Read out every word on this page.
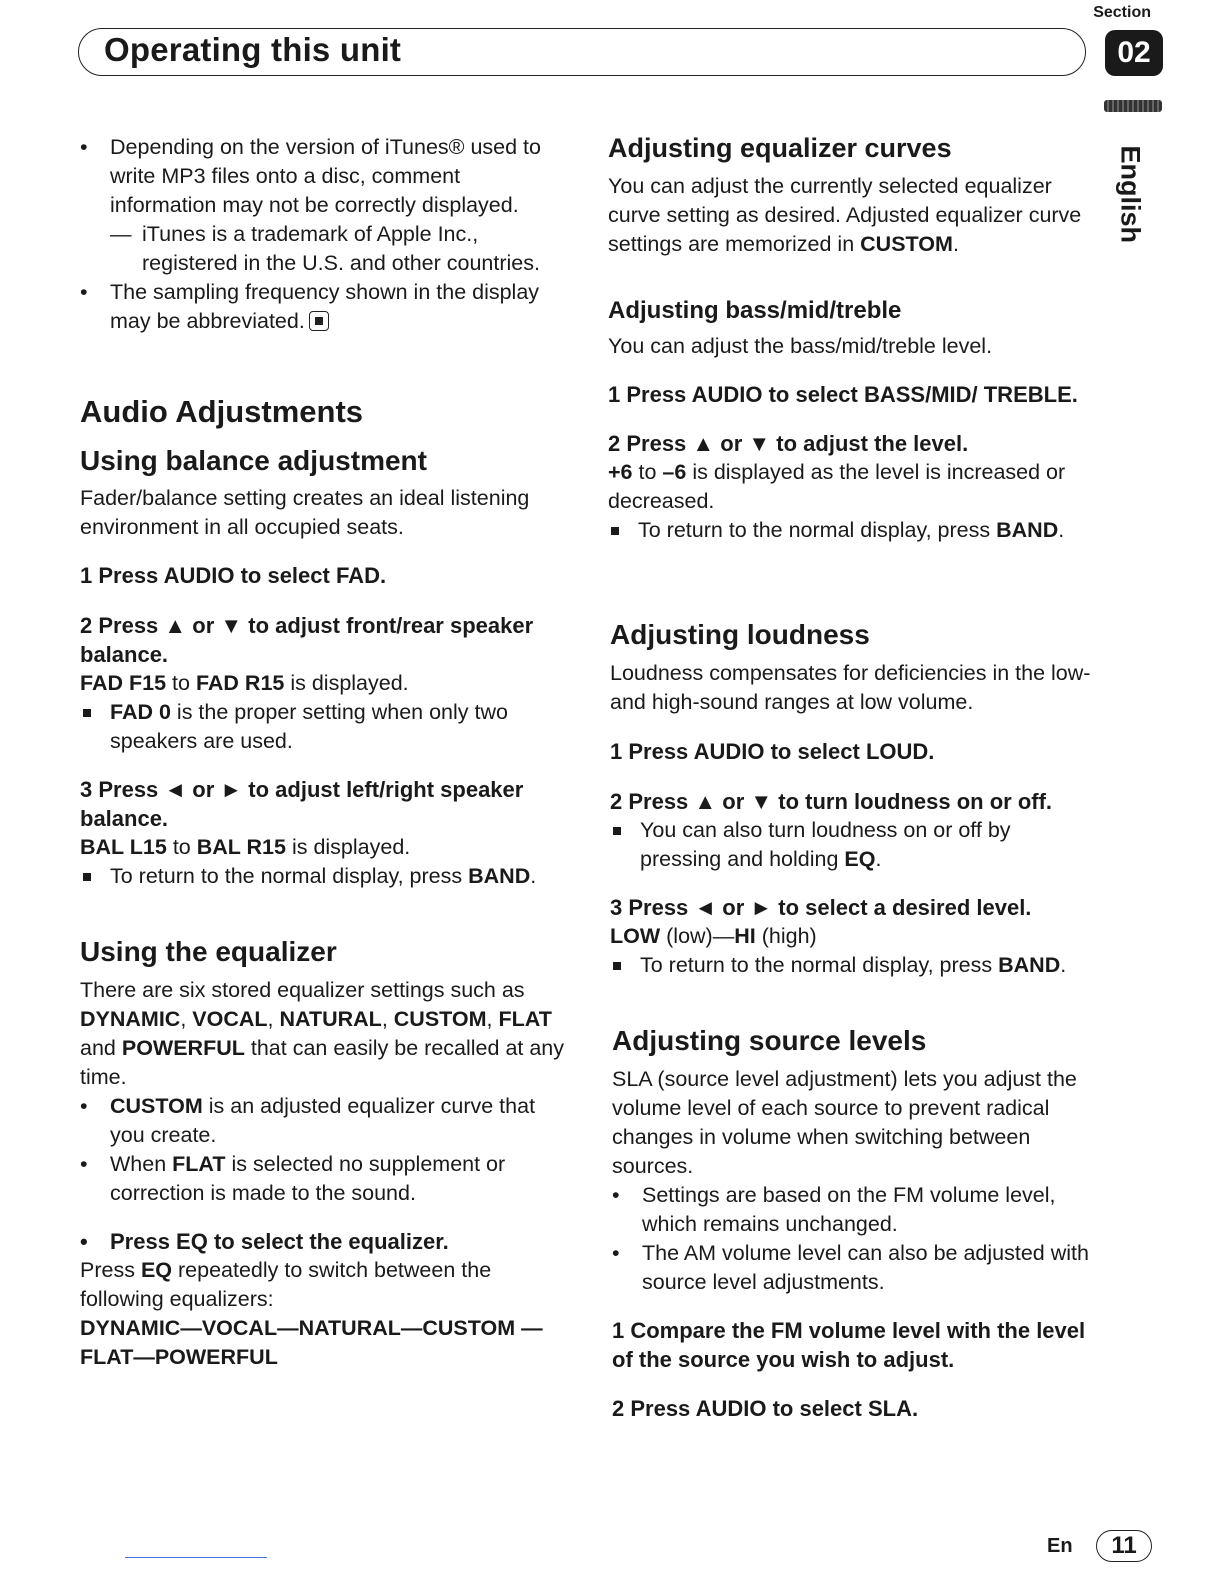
Section
Operating this unit	02
English

• Depending on the version of iTunes® used to write MP3 files onto a disc, comment information may not be correctly displayed.

— iTunes is a trademark of Apple Inc., registered in the U.S. and other countries.

• The sampling frequency shown in the display may be abbreviated.

Audio Adjustments
Using balance adjustment

Fader/balance setting creates an ideal listening environment in all occupied seats.

1 Press AUDIO to select FAD.

2 Press ▲ or ▼ to adjust front/rear speaker balance.

FAD F15 to FAD R15 is displayed.

FAD 0 is the proper setting when only two speakers are used.

3 Press ◄ or ► to adjust left/right speaker balance.

BAL L15 to BAL R15 is displayed.

To return to the normal display, press BAND.

Using the equalizer

There are six stored equalizer settings such as DYNAMIC, VOCAL, NATURAL, CUSTOM, FLAT and POWERFUL that can easily be recalled at any time.

• CUSTOM is an adjusted equalizer curve that you create.

• When FLAT is selected no supplement or correction is made to the sound.

• Press EQ to select the equalizer.

Press EQ repeatedly to switch between the following equalizers:

DYNAMIC—VOCAL—NATURAL—CUSTOM —FLAT—POWERFUL

Adjusting equalizer curves

You can adjust the currently selected equalizer curve setting as desired. Adjusted equalizer curve settings are memorized in CUSTOM.

Adjusting bass/mid/treble

You can adjust the bass/mid/treble level.

1 Press AUDIO to select BASS/MID/ TREBLE.

2 Press ▲ or ▼ to adjust the level.

+6 to –6 is displayed as the level is increased or decreased.

To return to the normal display, press BAND.

Adjusting loudness

Loudness compensates for deficiencies in the low- and high-sound ranges at low volume.

1 Press AUDIO to select LOUD.

2 Press ▲ or ▼ to turn loudness on or off.

You can also turn loudness on or off by pressing and holding EQ.

3 Press ◄ or ► to select a desired level.

LOW (low)—HI (high)

To return to the normal display, press BAND.

Adjusting source levels

SLA (source level adjustment) lets you adjust the volume level of each source to prevent radical changes in volume when switching between sources.

• Settings are based on the FM volume level, which remains unchanged.

• The AM volume level can also be adjusted with source level adjustments.

1 Compare the FM volume level with the level of the source you wish to adjust.

2 Press AUDIO to select SLA.

En	11
